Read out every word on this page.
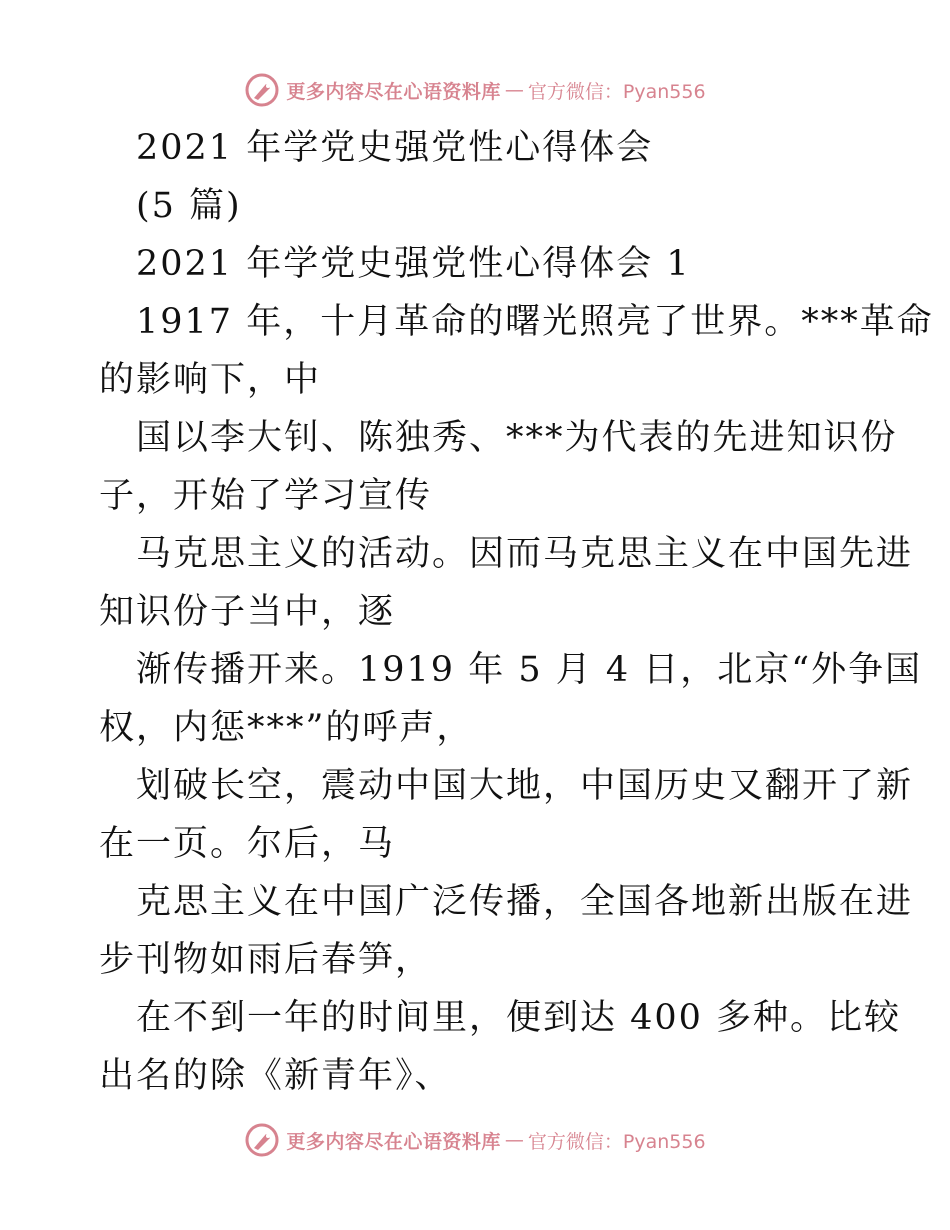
更多内容尽在心语资料库 — 官方微信：Pyan556
2021 年学党史强党性心得体会
(5 篇)
2021 年学党史强党性心得体会 1
1917 年，十月革命的曙光照亮了世界。***革命
的影响下，中
国以李大钊、陈独秀、***为代表的先进知识份
子，开始了学习宣传
马克思主义的活动。因而马克思主义在中国先进
知识份子当中，逐
渐传播开来。1919 年 5 月 4 日，北京“外争国
权，内惩***”的呼声，
划破长空，震动中国大地，中国历史又翻开了新
在一页。尔后，马
克思主义在中国广泛传播，全国各地新出版在进
步刊物如雨后春笋，
在不到一年的时间里，便到达 400 多种。比较
出名的除《新青年》、
更多内容尽在心语资料库 — 官方微信：Pyan556
